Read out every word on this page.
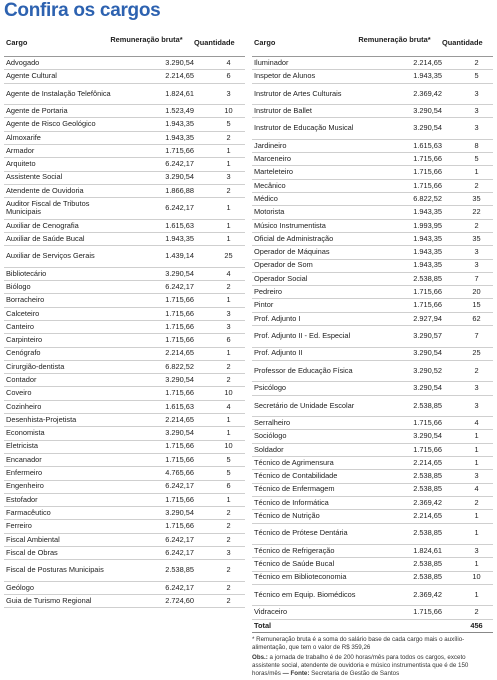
Confira os cargos
Cargo	Remuneração bruta*	Quantidade
Advogado	3.290,54	4
Agente Cultural	2.214,65	6
Agente de Instalação Telefônica	1.824,61	3
Agente de Portaria	1.523,49	10
Agente de Risco Geológico	1.943,35	5
Almoxarife	1.943,35	2
Armador	1.715,66	1
Arquiteto	6.242,17	1
Assistente Social	3.290,54	3
Atendente de Ouvidoria	1.866,88	2
Auditor Fiscal de Tributos Municipais	6.242,17	1
Auxiliar de Cenografia	1.615,63	1
Auxiliar de Saúde Bucal	1.943,35	1
Auxiliar de Serviços Gerais	1.439,14	25
Bibliotecário	3.290,54	4
Biólogo	6.242,17	2
Borracheiro	1.715,66	1
Calceteiro	1.715,66	3
Canteiro	1.715,66	3
Carpinteiro	1.715,66	6
Cenógrafo	2.214,65	1
Cirurgião-dentista	6.822,52	2
Contador	3.290,54	2
Coveiro	1.715,66	10
Cozinheiro	1.615,63	4
Desenhista-Projetista	2.214,65	1
Economista	3.290,54	1
Eletricista	1.715,66	10
Encanador	1.715,66	5
Enfermeiro	4.765,66	5
Engenheiro	6.242,17	6
Estofador	1.715,66	1
Farmacêutico	3.290,54	2
Ferreiro	1.715,66	2
Fiscal Ambiental	6.242,17	2
Fiscal de Obras	6.242,17	3
Fiscal de Posturas Municipais	2.538,85	2
Geólogo	6.242,17	2
Guia de Turismo Regional	2.724,60	2
Cargo	Remuneração bruta*	Quantidade
Iluminador	2.214,65	2
Inspetor de Alunos	1.943,35	5
Instrutor de Artes Culturais	2.369,42	3
Instrutor de Ballet	3.290,54	3
Instrutor de Educação Musical	3.290,54	3
Jardineiro	1.615,63	8
Marceneiro	1.715,66	5
Marteleteiro	1.715,66	1
Mecânico	1.715,66	2
Médico	6.822,52	35
Motorista	1.943,35	22
Músico Instrumentista	1.993,95	2
Oficial de Administração	1.943,35	35
Operador de Máquinas	1.943,35	3
Operador de Som	1.943,35	3
Operador Social	2.538,85	7
Pedreiro	1.715,66	20
Pintor	1.715,66	15
Prof. Adjunto I	2.927,94	62
Prof. Adjunto II - Ed. Especial	3.290,57	7
Prof. Adjunto II	3.290,54	25
Professor de Educação Física	3.290,52	2
Psicólogo	3.290,54	3
Secretário de Unidade Escolar	2.538,85	3
Serralheiro	1.715,66	4
Sociólogo	3.290,54	1
Soldador	1.715,66	1
Técnico de Agrimensura	2.214,65	1
Técnico de Contabilidade	2.538,85	3
Técnico de Enfermagem	2.538,85	4
Técnico de Informática	2.369,42	2
Técnico de Nutrição	2.214,65	1
Técnico de Prótese Dentária	2.538,85	1
Técnico de Refrigeração	1.824,61	3
Técnico de Saúde Bucal	2.538,85	1
Técnico em Biblioteconomia	2.538,85	10
Técnico em Equip. Biomédicos	2.369,42	1
Vidraceiro	1.715,66	2
Total		456

* Remuneração bruta é a soma do salário base de cada cargo mais o auxílio-alimentação, que tem o valor de R$ 359,26

Obs.: a jornada de trabalho é de 200 horas/mês para todos os cargos, exceto assistente social, atendente de ouvidoria e músico instrumentista que é de 150 horas/mês — Fonte: Secretaria de Gestão de Santos
